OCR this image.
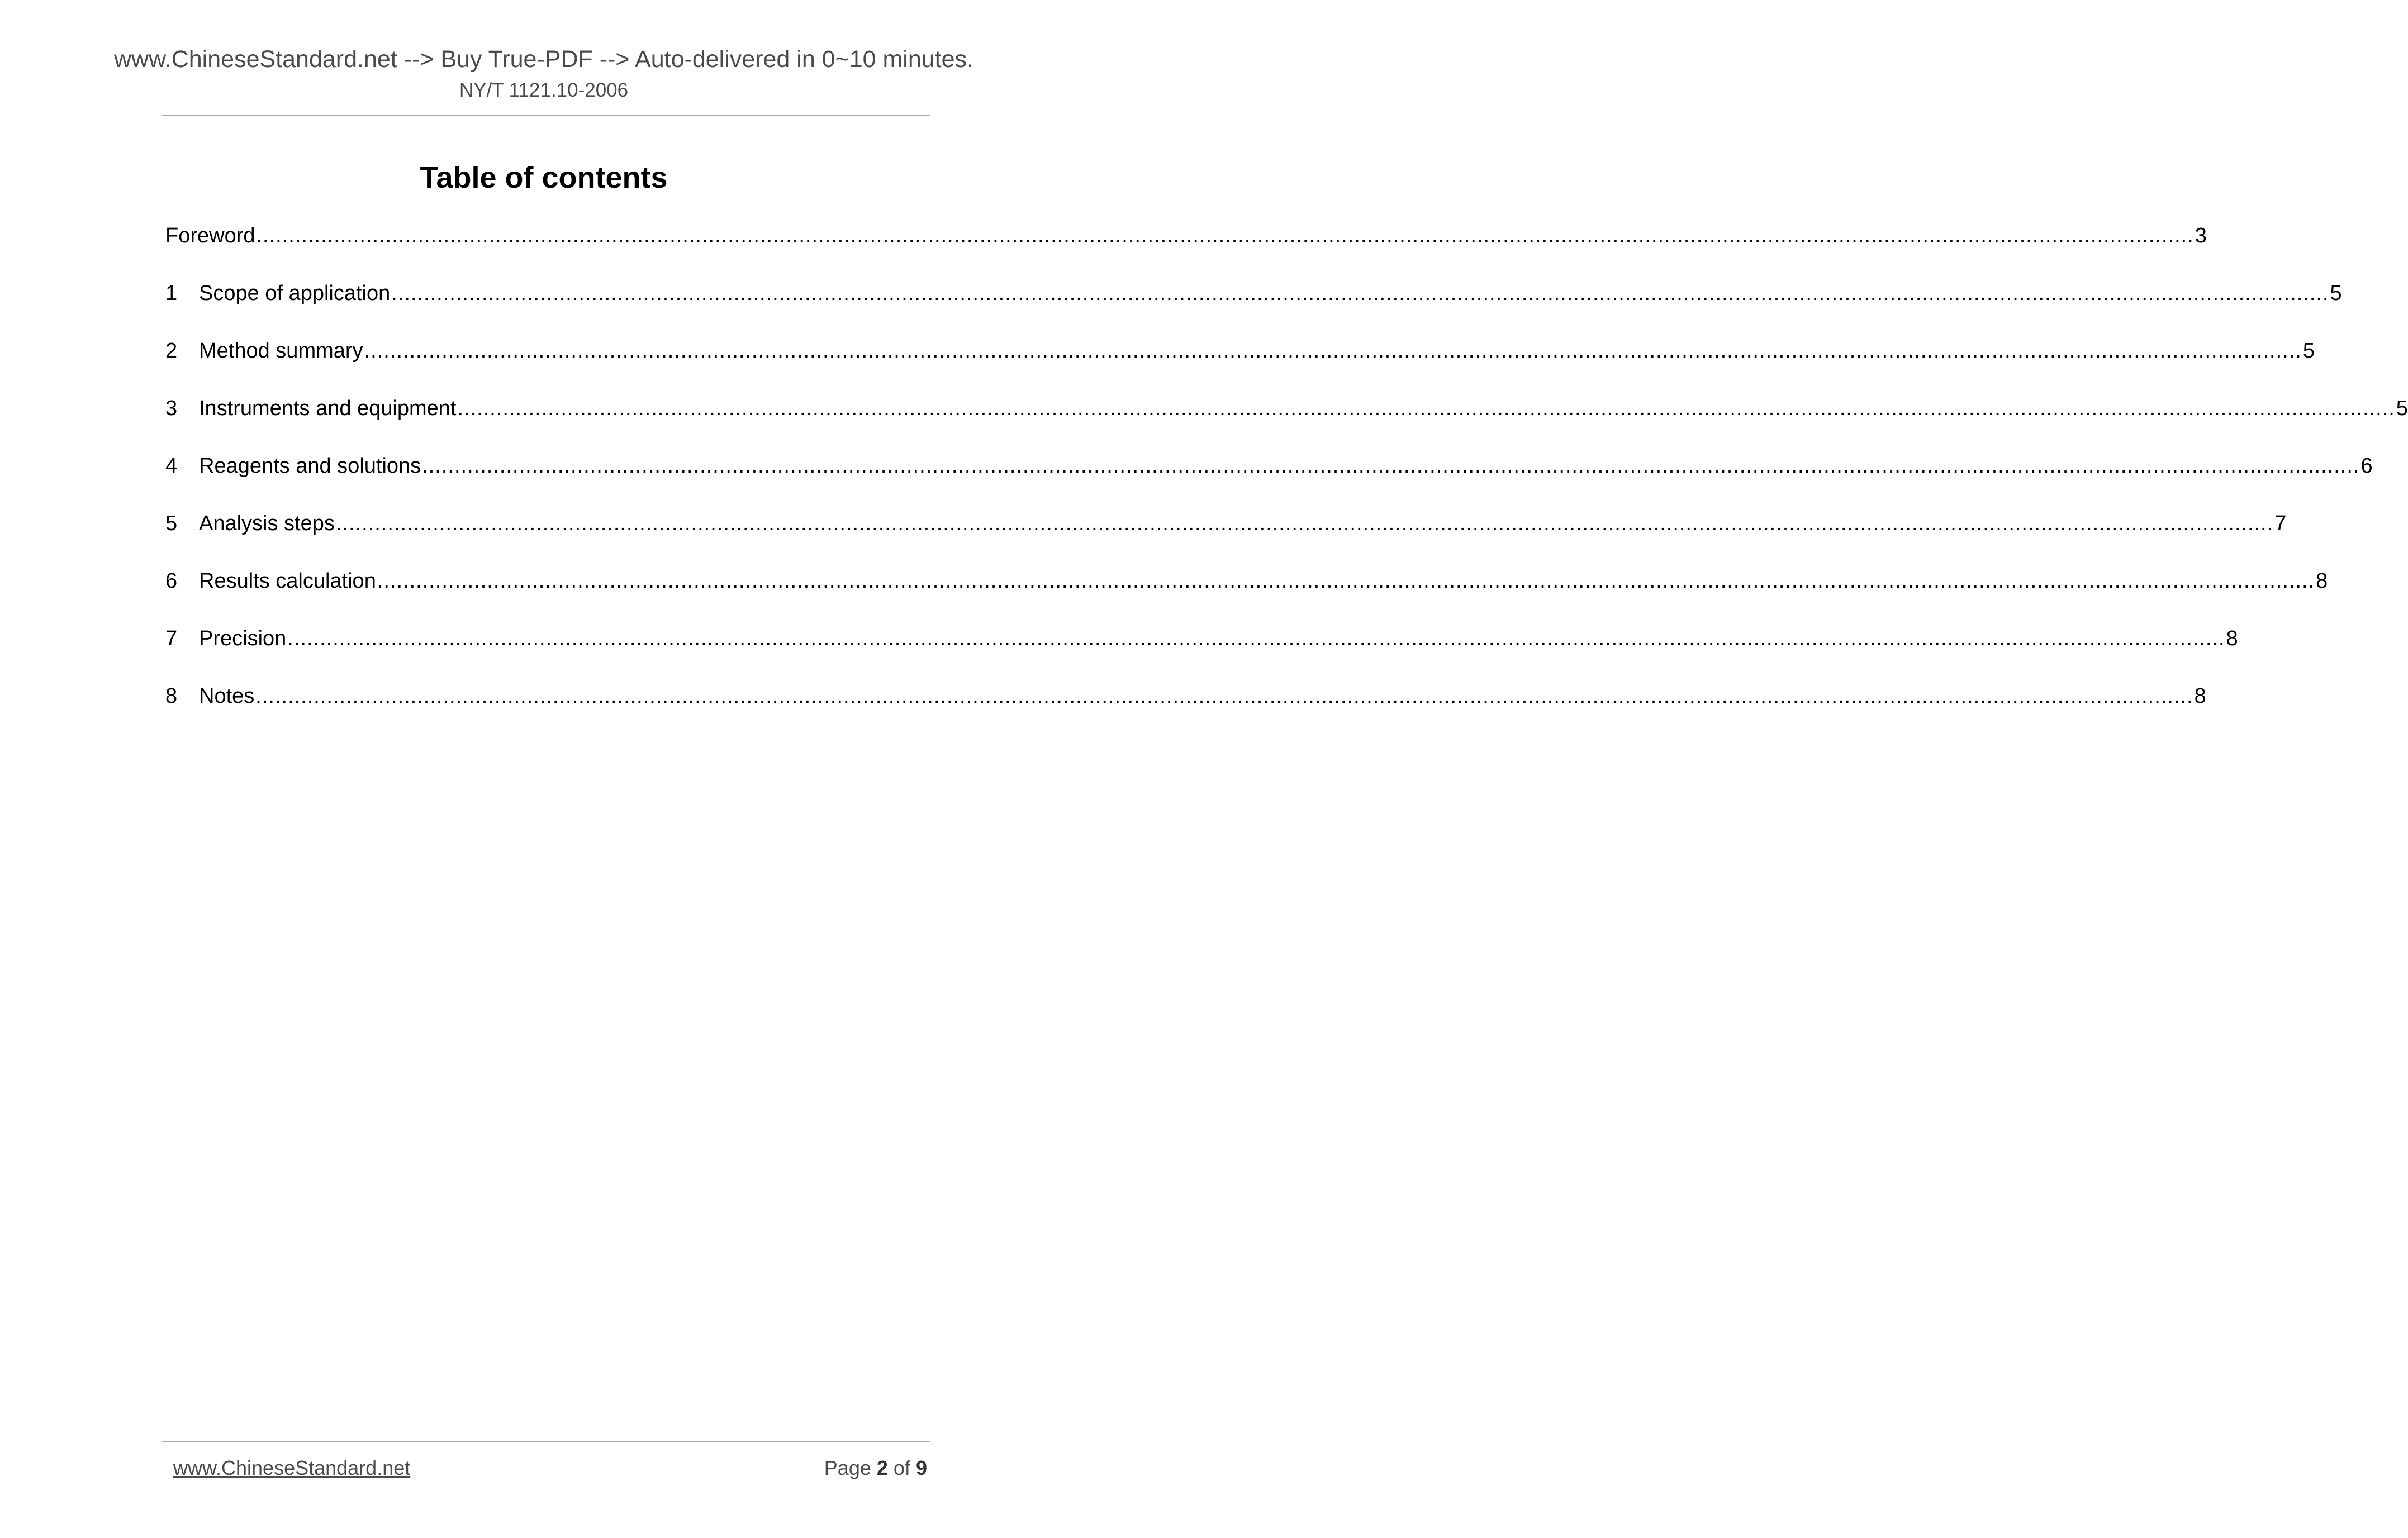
www.ChineseStandard.net --> Buy True-PDF --> Auto-delivered in 0~10 minutes.
NY/T 1121.10-2006
Table of contents
Foreword ............................................................................................................................................................................................................................................................................................................ 3
1	Scope of application ............................................................................................................................................................................................................................................................................................................ 5
2	Method summary ............................................................................................................................................................................................................................................................................................................ 5
3	Instruments and equipment ............................................................................................................................................................................................................................................................................................................ 5
4	Reagents and solutions ............................................................................................................................................................................................................................................................................................................ 6
5	Analysis steps ............................................................................................................................................................................................................................................................................................................ 7
6	Results calculation ............................................................................................................................................................................................................................................................................................................ 8
7	Precision ............................................................................................................................................................................................................................................................................................................ 8
8	Notes ............................................................................................................................................................................................................................................................................................................ 8
www.ChineseStandard.net	Page 2 of 9
